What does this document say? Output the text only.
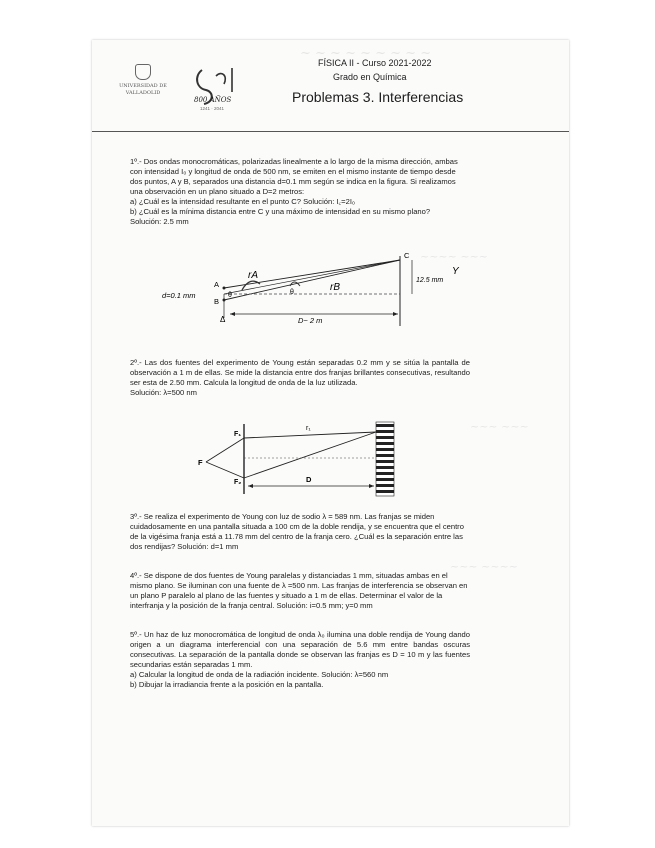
~ ~ ~ ~ ~ ~ ~ ~ ~
~~~~ ~~~
~~~ ~~~
~~~ ~~~~
UNIVERSIDAD DE VALLADOLID
800 AÑOS
1241 · 2041
FÍSICA II - Curso 2021-2022
Grado en Química
Problemas 3. Interferencias

1º.- Dos ondas monocromáticas, polarizadas linealmente a lo largo de la misma dirección, ambas con intensidad I₀ y longitud de onda de 500 nm, se emiten en el mismo instante de tiempo desde dos puntos, A y B, separados una distancia d=0.1 mm según se indica en la figura. Si realizamos una observación en un plano situado a D=2 metros:

a) ¿Cuál es la intensidad resultante en el punto C? Solución: I꜀=2I₀

b) ¿Cuál es la mínima distancia entre C y una máximo de intensidad en su mismo plano?

Solución: 2.5 mm

C
A
B
θ	θ
d=0.1 mm
12.5 mm
D~ 2 m
rA
rB
Y
Δ

2º.- Las dos fuentes del experimento de Young están separadas 0.2 mm y se sitúa la pantalla de observación a 1 m de ellas. Se mide la distancia entre dos franjas brillantes consecutivas, resultando ser esta de 2.50 mm. Calcula la longitud de onda de la luz utilizada.

Solución: λ=500 nm

F
F₁
F₂
r₁
D

3º.- Se realiza el experimento de Young con luz de sodio λ = 589 nm. Las franjas se miden cuidadosamente en una pantalla situada a 100 cm de la doble rendija, y se encuentra que el centro de la vigésima franja está a 11.78 mm del centro de la franja cero. ¿Cuál es la separación entre las dos rendijas? Solución: d=1 mm

4º.- Se dispone de dos fuentes de Young paralelas y distanciadas 1 mm, situadas ambas en el mismo plano. Se iluminan con una fuente de λ =500 nm. Las franjas de interferencia se observan en un plano P paralelo al plano de las fuentes y situado a 1 m de ellas. Determinar el valor de la interfranja y la posición de la franja central. Solución: i=0.5 mm; y=0 mm

5º.- Un haz de luz monocromática de longitud de onda λ₀ ilumina una doble rendija de Young dando origen a un diagrama interferencial con una separación de 5.6 mm entre bandas oscuras consecutivas. La separación de la pantalla donde se observan las franjas es D = 10 m y las fuentes secundarias están separadas 1 mm.

a) Calcular la longitud de onda de la radiación incidente. Solución: λ=560 nm

b) Dibujar la irradiancia frente a la posición en la pantalla.
